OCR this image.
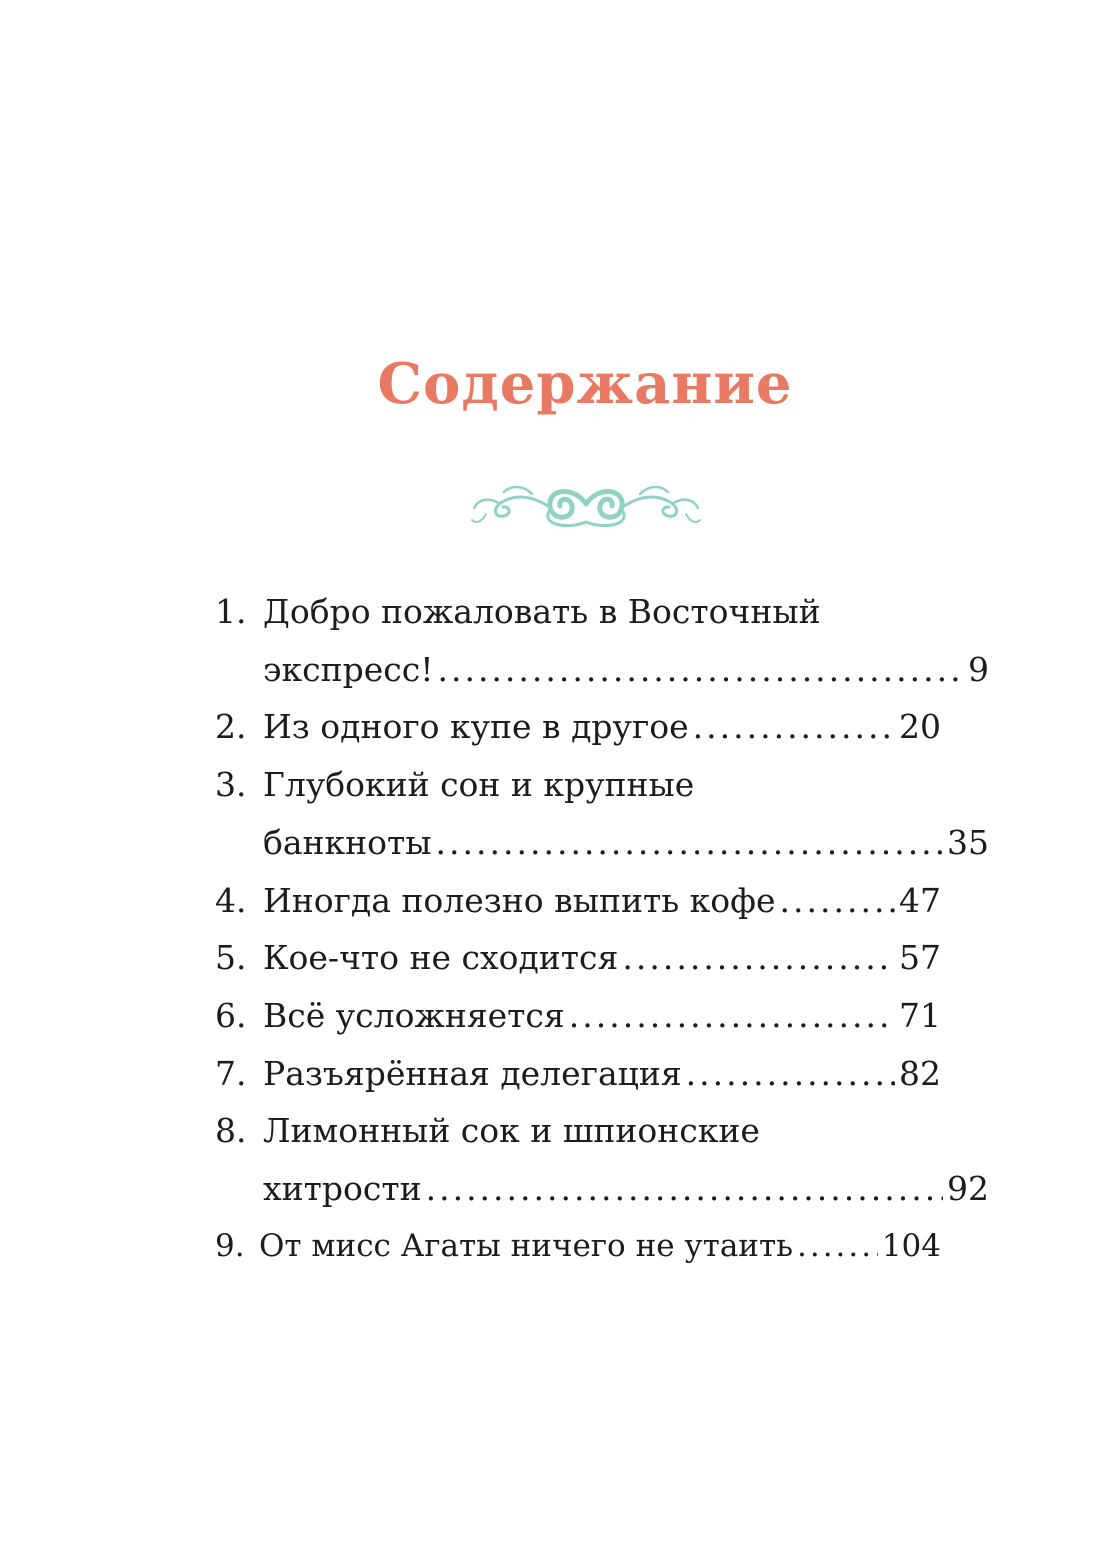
Содержание
1. Добро пожаловать в Восточный
экспресс! .....	9
2. Из одного купе в другое .....	20
3. Глубокий сон и крупные
банкноты .....	35
4. Иногда полезно выпить кофе .....	47
5. Кое-что не сходится .....	57
6. Всё усложняется .....	71
7. Разъярённая делегация .....	82
8. Лимонный сок и шпионские
хитрости .....	92
9. От мисс Агаты ничего не утаить .....	104
